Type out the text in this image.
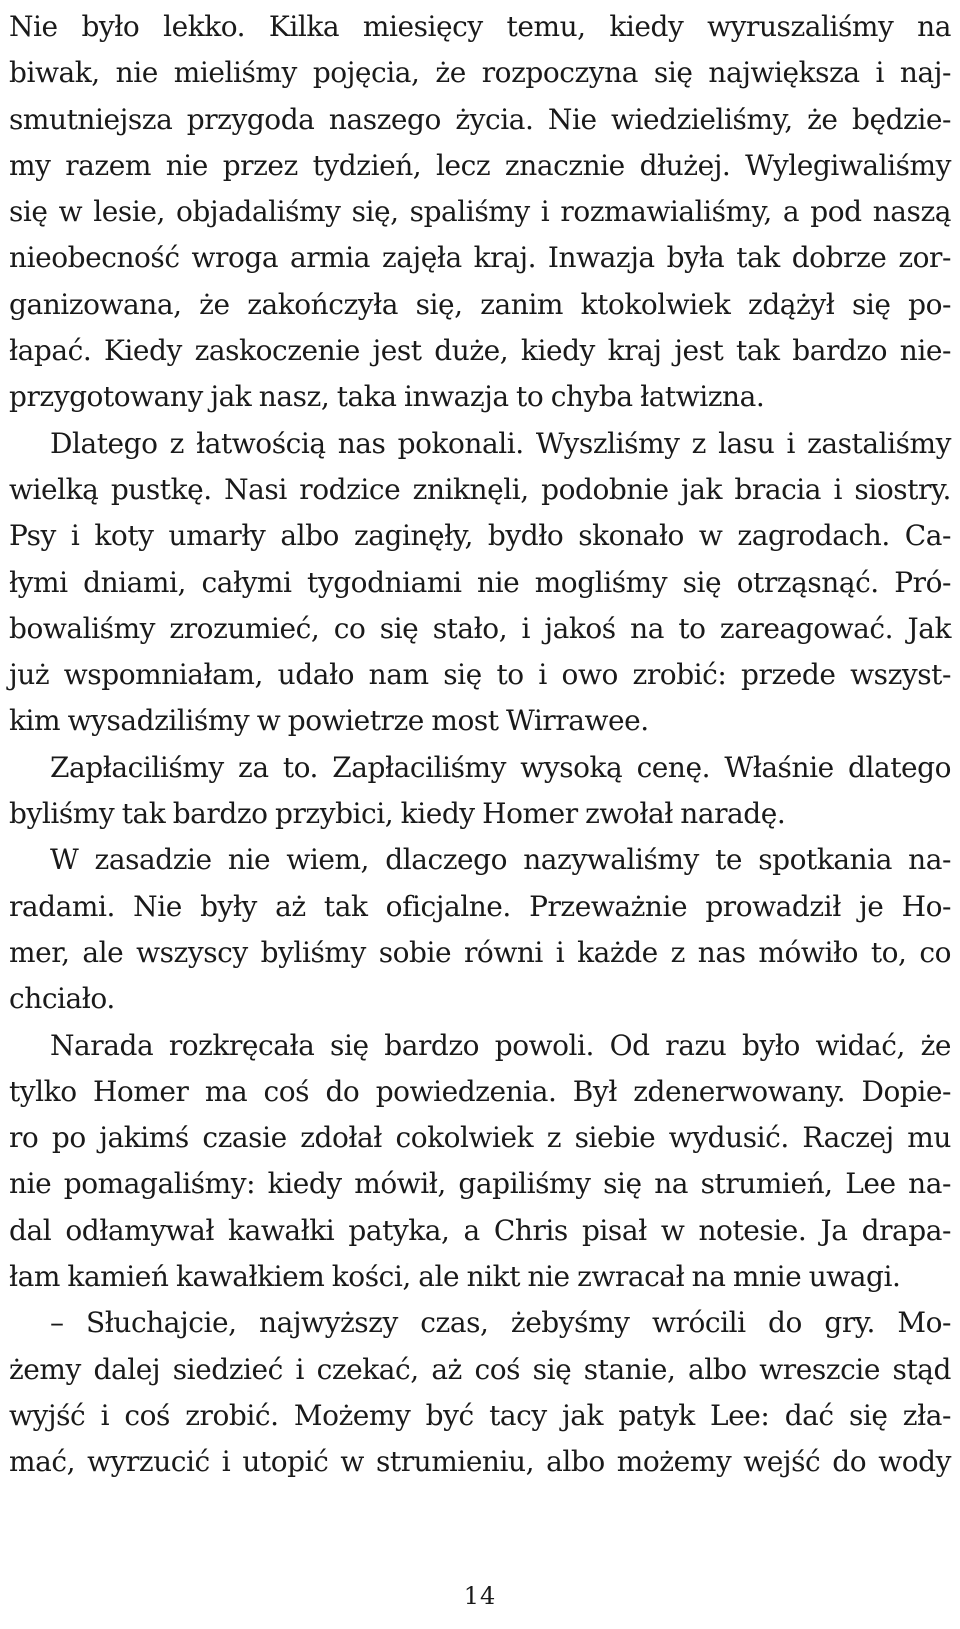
Nie było lekko. Kilka miesięcy temu, kiedy wyruszaliśmy na
biwak, nie mieliśmy pojęcia, że rozpoczyna się największa i naj-
smutniejsza przygoda naszego życia. Nie wiedzieliśmy, że będzie-
my razem nie przez tydzień, lecz znacznie dłużej. Wylegiwaliśmy
się w lesie, objadaliśmy się, spaliśmy i rozmawialiśmy, a pod naszą
nieobecność wroga armia zajęła kraj. Inwazja była tak dobrze zor-
ganizowana, że zakończyła się, zanim ktokolwiek zdążył się po-
łapać. Kiedy zaskoczenie jest duże, kiedy kraj jest tak bardzo nie-
przygotowany jak nasz, taka inwazja to chyba łatwizna.
Dlatego z łatwością nas pokonali. Wyszliśmy z lasu i zastaliśmy
wielką pustkę. Nasi rodzice zniknęli, podobnie jak bracia i siostry.
Psy i koty umarły albo zaginęły, bydło skonało w zagrodach. Ca-
łymi dniami, całymi tygodniami nie mogliśmy się otrząsnąć. Pró-
bowaliśmy zrozumieć, co się stało, i jakoś na to zareagować. Jak
już wspomniałam, udało nam się to i owo zrobić: przede wszyst-
kim wysadziliśmy w powietrze most Wirrawee.
Zapłaciliśmy za to. Zapłaciliśmy wysoką cenę. Właśnie dlatego
byliśmy tak bardzo przybici, kiedy Homer zwołał naradę.
W zasadzie nie wiem, dlaczego nazywaliśmy te spotkania na-
radami. Nie były aż tak oficjalne. Przeważnie prowadził je Ho-
mer, ale wszyscy byliśmy sobie równi i każde z nas mówiło to, co
chciało.
Narada rozkręcała się bardzo powoli. Od razu było widać, że
tylko Homer ma coś do powiedzenia. Był zdenerwowany. Dopie-
ro po jakimś czasie zdołał cokolwiek z siebie wydusić. Raczej mu
nie pomagaliśmy: kiedy mówił, gapiliśmy się na strumień, Lee na-
dal odłamywał kawałki patyka, a Chris pisał w notesie. Ja drapa-
łam kamień kawałkiem kości, ale nikt nie zwracał na mnie uwagi.
– Słuchajcie, najwyższy czas, żebyśmy wrócili do gry. Mo-
żemy dalej siedzieć i czekać, aż coś się stanie, albo wreszcie stąd
wyjść i coś zrobić. Możemy być tacy jak patyk Lee: dać się zła-
mać, wyrzucić i utopić w strumieniu, albo możemy wejść do wody
14
